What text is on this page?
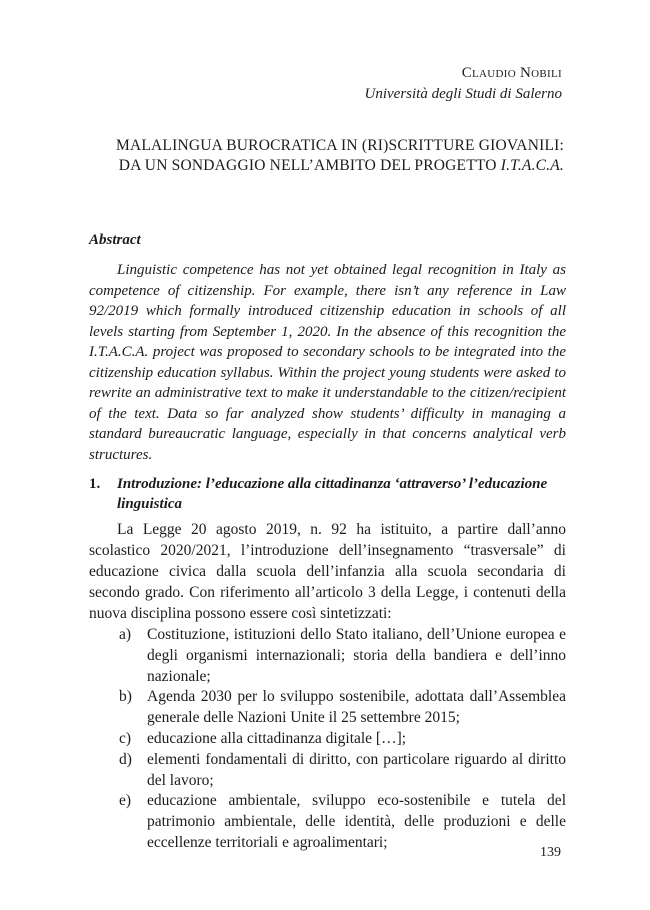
Claudio Nobili
Università degli Studi di Salerno
MALALINGUA BUROCRATICA IN (RI)SCRITTURE GIOVANILI:
DA UN SONDAGGIO NELL’AMBITO DEL PROGETTO I.T.A.C.A.
Abstract

Linguistic competence has not yet obtained legal recognition in Italy as competence of citizenship. For example, there isn’t any reference in Law 92/2019 which formally introduced citizenship education in schools of all levels starting from September 1, 2020. In the absence of this recognition the I.T.A.C.A. project was proposed to secondary schools to be integrated into the citizenship education syllabus. Within the project young students were asked to rewrite an administrative text to make it understandable to the citizen/recipient of the text. Data so far analyzed show students’ difficulty in managing a standard bureaucratic language, especially in that concerns analytical verb structures.

1 .	Introduzione: l’educazione alla cittadinanza ‘attraverso’ l’educazione linguistica

La Legge 20 agosto 2019, n. 92 ha istituito, a partire dall’anno scolastico 2020/2021, l’introduzione dell’insegnamento “trasversale” di educazione civica dalla scuola dell’infanzia alla scuola secondaria di secondo grado. Con riferimento all’articolo 3 della Legge, i contenuti della nuova disciplina possono essere così sintetizzati:

a)	Costituzione, istituzioni dello Stato italiano, dell’Unione europea e degli organismi internazionali; storia della bandiera e dell’inno nazionale;
b) Agenda 2030 per lo sviluppo sostenibile, adottata dall’Assemblea generale delle Nazioni Unite il 25 settembre 2015;
c)	educazione alla cittadinanza digitale […];
d) elementi fondamentali di diritto, con particolare riguardo al diritto del lavoro;
e)	educazione ambientale, sviluppo eco-sostenibile e tutela del patrimonio ambientale, delle identità, delle produzioni e delle eccellenze territoriali e agroalimentari;
139
